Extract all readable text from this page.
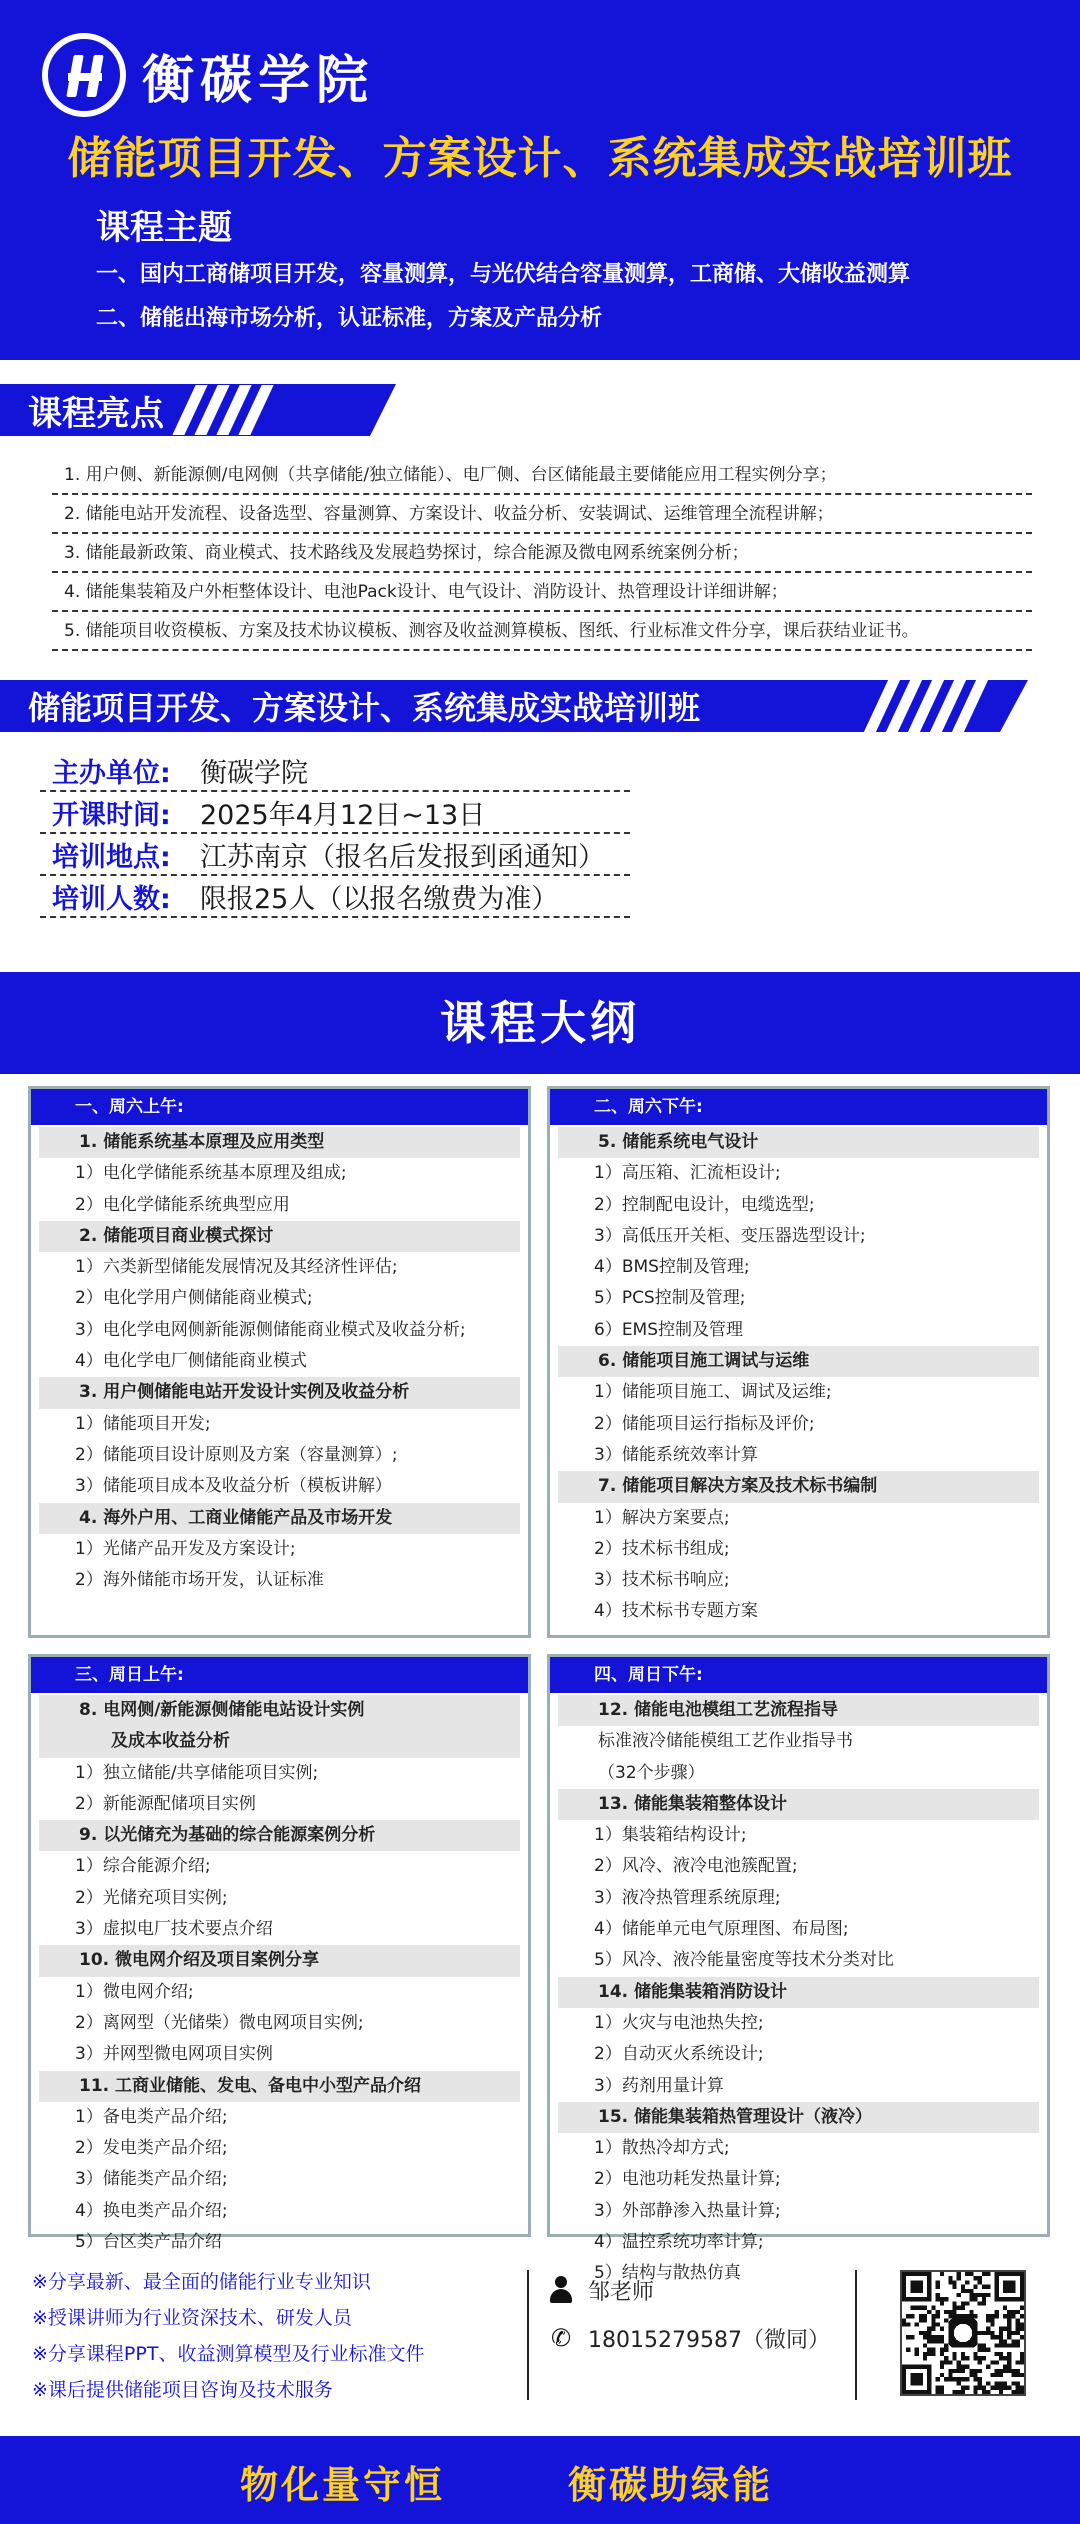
衡碳学院
储能项目开发、方案设计、系统集成实战培训班
课程主题
一、国内工商储项目开发，容量测算，与光伏结合容量测算，工商储、大储收益测算
二、储能出海市场分析，认证标准，方案及产品分析
课程亮点
1. 用户侧、新能源侧/电网侧（共享储能/独立储能）、电厂侧、台区储能最主要储能应用工程实例分享；
2. 储能电站开发流程、设备选型、容量测算、方案设计、收益分析、安装调试、运维管理全流程讲解；
3. 储能最新政策、商业模式、技术路线及发展趋势探讨，综合能源及微电网系统案例分析；
4. 储能集装箱及户外柜整体设计、电池Pack设计、电气设计、消防设计、热管理设计详细讲解；
5. 储能项目收资模板、方案及技术协议模板、测容及收益测算模板、图纸、行业标准文件分享，课后获结业证书。
储能项目开发、方案设计、系统集成实战培训班
主办单位:	衡碳学院
开课时间:	2025年4月12日~13日
培训地点:	江苏南京（报名后发报到函通知）
培训人数:	限报25人（以报名缴费为准）
课程大纲
一、周六上午:
1. 储能系统基本原理及应用类型
1）电化学储能系统基本原理及组成;
2）电化学储能系统典型应用
2. 储能项目商业模式探讨
1）六类新型储能发展情况及其经济性评估;
2）电化学用户侧储能商业模式;
3）电化学电网侧新能源侧储能商业模式及收益分析;
4）电化学电厂侧储能商业模式
3. 用户侧储能电站开发设计实例及收益分析
1）储能项目开发;
2）储能项目设计原则及方案（容量测算）;
3）储能项目成本及收益分析（模板讲解）
4. 海外户用、工商业储能产品及市场开发
1）光储产品开发及方案设计;
2）海外储能市场开发，认证标准
二、周六下午:
5. 储能系统电气设计
1）高压箱、汇流柜设计;
2）控制配电设计，电缆选型;
3）高低压开关柜、变压器选型设计;
4）BMS控制及管理;
5）PCS控制及管理;
6）EMS控制及管理
6. 储能项目施工调试与运维
1）储能项目施工、调试及运维;
2）储能项目运行指标及评价;
3）储能系统效率计算
7. 储能项目解决方案及技术标书编制
1）解决方案要点;
2）技术标书组成;
3）技术标书响应;
4）技术标书专题方案
三、周日上午:
8. 电网侧/新能源侧储能电站设计实例
及成本收益分析
1）独立储能/共享储能项目实例;
2）新能源配储项目实例
9. 以光储充为基础的综合能源案例分析
1）综合能源介绍;
2）光储充项目实例;
3）虚拟电厂技术要点介绍
10. 微电网介绍及项目案例分享
1）微电网介绍;
2）离网型（光储柴）微电网项目实例;
3）并网型微电网项目实例
11. 工商业储能、发电、备电中小型产品介绍
1）备电类产品介绍;
2）发电类产品介绍;
3）储能类产品介绍;
4）换电类产品介绍;
5）台区类产品介绍
四、周日下午:
12. 储能电池模组工艺流程指导
标准液冷储能模组工艺作业指导书
（32个步骤）
13. 储能集装箱整体设计
1）集装箱结构设计;
2）风冷、液冷电池簇配置;
3）液冷热管理系统原理;
4）储能单元电气原理图、布局图;
5）风冷、液冷能量密度等技术分类对比
14. 储能集装箱消防设计
1）火灾与电池热失控;
2）自动灭火系统设计;
3）药剂用量计算
15. 储能集装箱热管理设计（液冷）
1）散热冷却方式;
2）电池功耗发热量计算;
3）外部静渗入热量计算;
4）温控系统功率计算;
5）结构与散热仿真
※分享最新、最全面的储能行业专业知识
※授课讲师为行业资深技术、研发人员
※分享课程PPT、收益测算模型及行业标准文件
※课后提供储能项目咨询及技术服务
邹老师
✆ 18015279587（微同）
物化量守恒	衡碳助绿能
